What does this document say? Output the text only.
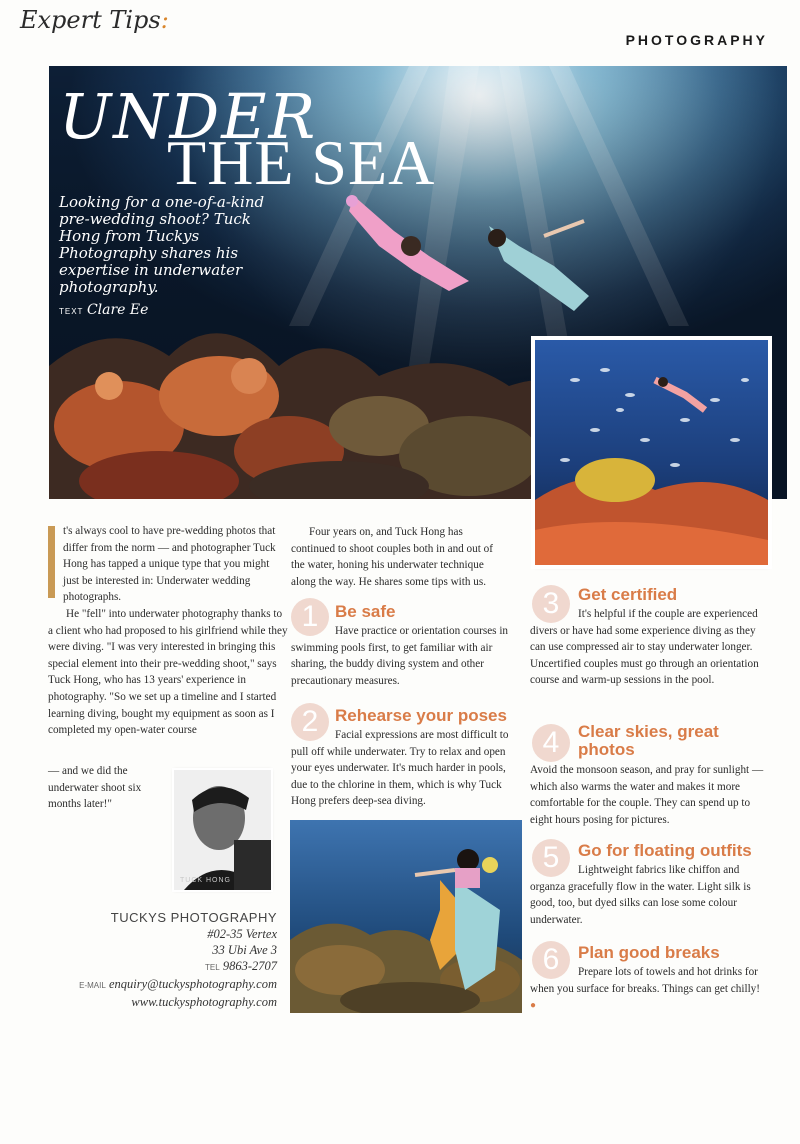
Expert Tips:
PHOTOGRAPHY
UNDER
THE SEA
Looking for a one-of-a-kind pre-wedding shoot? Tuck Hong from Tuckys Photography shares his expertise in underwater photography.
TEXT Clare Ee

t's always cool to have pre-wedding photos that differ from the norm — and photographer Tuck Hong has tapped a unique type that you might just be interested in: Underwater wedding photographs.

He "fell" into underwater photography thanks to a client who had proposed to his girlfriend while they were diving. "I was very interested in bringing this special element into their pre-wedding shoot," says Tuck Hong, who has 13 years' experience in photography. "So we set up a timeline and I started learning diving, bought my equipment as soon as I completed my open-water course

— and we did the underwater shoot six months later!"

TUCK HONG
TUCKYS PHOTOGRAPHY
#02-35 Vertex
33 Ubi Ave 3
TEL 9863-2707
E-MAIL enquiry@tuckysphotography.com
www.tuckysphotography.com
Four years on, and Tuck Hong has continued to shoot couples both in and out of the water, honing his underwater technique along the way. He shares some tips with us.
1 Be safe

Have practice or orientation courses in swimming pools first, to get familiar with air sharing, the buddy diving system and other precautionary measures.

2 Rehearse your poses

Facial expressions are most difficult to pull off while underwater. Try to relax and open your eyes underwater. It's much harder in pools, due to the chlorine in them, which is why Tuck Hong prefers deep-sea diving.

3	Get certified

It's helpful if the couple are experienced divers or have had some experience diving as they can use compressed air to stay underwater longer. Uncertified couples must go through an orientation course and warm-up sessions in the pool.

4	Clear skies, great

photos

Avoid the monsoon season, and pray for sunlight — which also warms the water and makes it more comfortable for the couple. They can spend up to eight hours posing for pictures.

5	Go for floating outfits

Lightweight fabrics like chiffon and organza gracefully flow in the water. Light silk is good, too, but dyed silks can lose some colour underwater.

6	Plan good breaks

Prepare lots of towels and hot drinks for when you surface for breaks. Things can get chilly! ●
